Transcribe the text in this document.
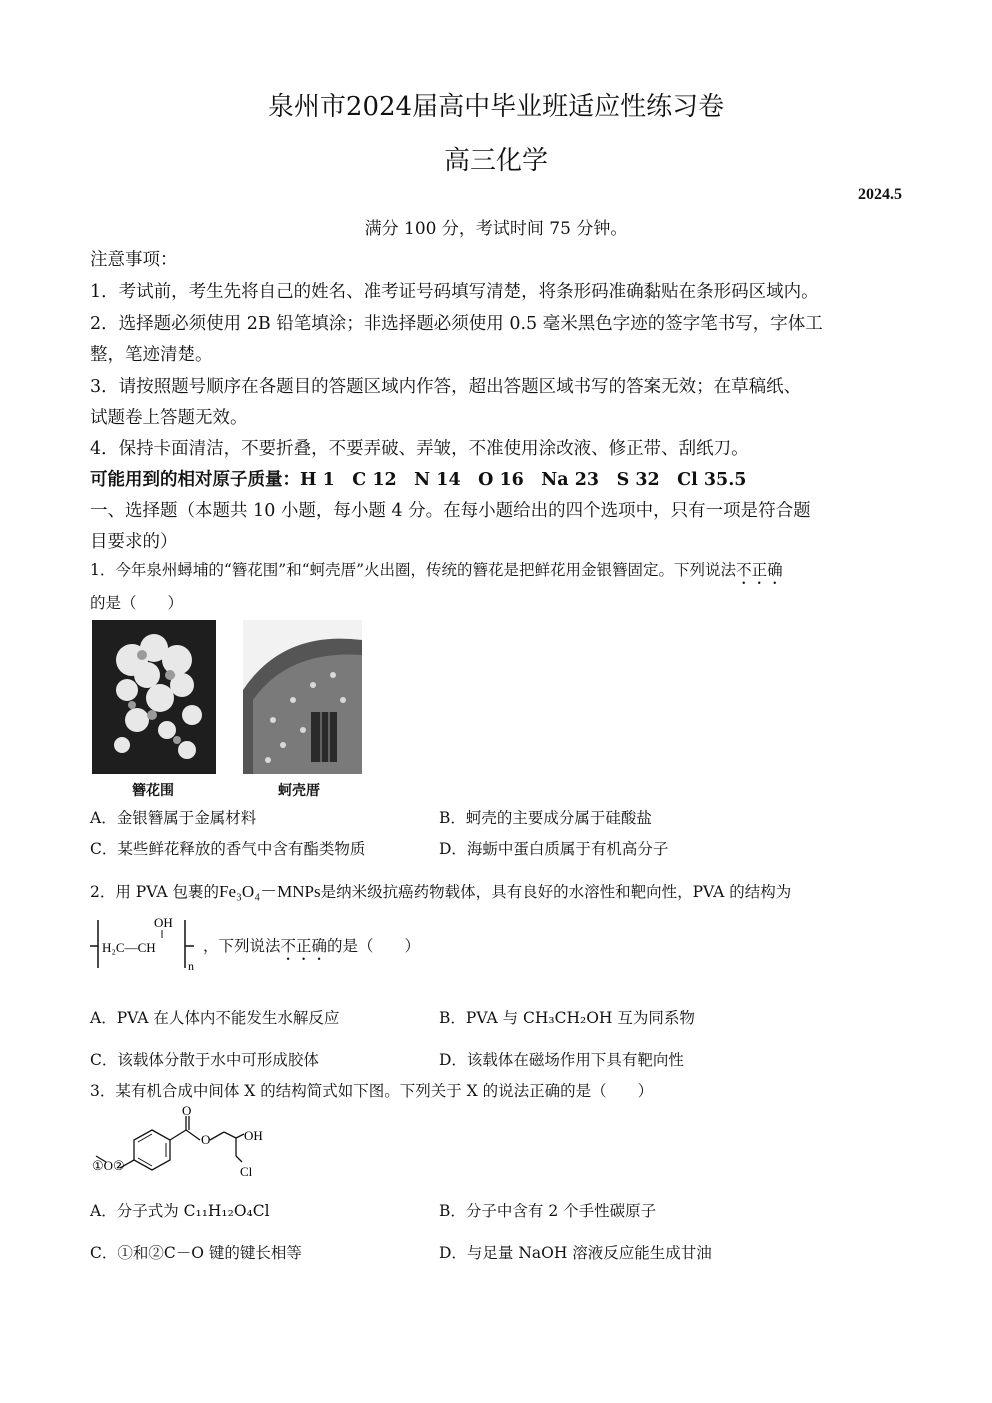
泉州市2024届高中毕业班适应性练习卷
高三化学
2024.5
满分 100 分，考试时间 75 分钟。
注意事项：
1．考试前，考生先将自己的姓名、准考证号码填写清楚，将条形码准确黏贴在条形码区域内。
2．选择题必须使用 2B 铅笔填涂；非选择题必须使用 0.5 毫米黑色字迹的签字笔书写，字体工
整，笔迹清楚。
3．请按照题号顺序在各题目的答题区域内作答，超出答题区域书写的答案无效；在草稿纸、
试题卷上答题无效。
4．保持卡面清洁，不要折叠，不要弄破、弄皱，不准使用涂改液、修正带、刮纸刀。
可能用到的相对原子质量：H 1　C 12　N 14　O 16　Na 23　S 32　Cl 35.5
一、选择题（本题共 10 小题，每小题 4 分。在每小题给出的四个选项中，只有一项是符合题
目要求的）
1．今年泉州蟳埔的“簪花围”和“蚵壳厝”火出圈，传统的簪花是把鲜花用金银簪固定。下列说法不正确
的是（　　）
簪花围	蚵壳厝
A．金银簪属于金属材料	B．蚵壳的主要成分属于硅酸盐
C．某些鲜花释放的香气中含有酯类物质	D．海蛎中蛋白质属于有机高分子
2．用 PVA 包裹的Fe₃O₄－MNPs是纳米级抗癌药物载体，具有良好的水溶性和靶向性，PVA 的结构为
OH
H₂C—CH
n
，下列说法不正确的是（　　）
A．PVA 在人体内不能发生水解反应	B．PVA 与 CH₃CH₂OH 互为同系物
C．该载体分散于水中可形成胶体	D．该载体在磁场作用下具有靶向性
3．某有机合成中间体 X 的结构简式如下图。下列关于 X 的说法正确的是（　　）
O
O	OH
Cl
①O②
A．分子式为 C₁₁H₁₂O₄Cl	B．分子中含有 2 个手性碳原子
C．①和②C－O 键的键长相等	D．与足量 NaOH 溶液反应能生成甘油
